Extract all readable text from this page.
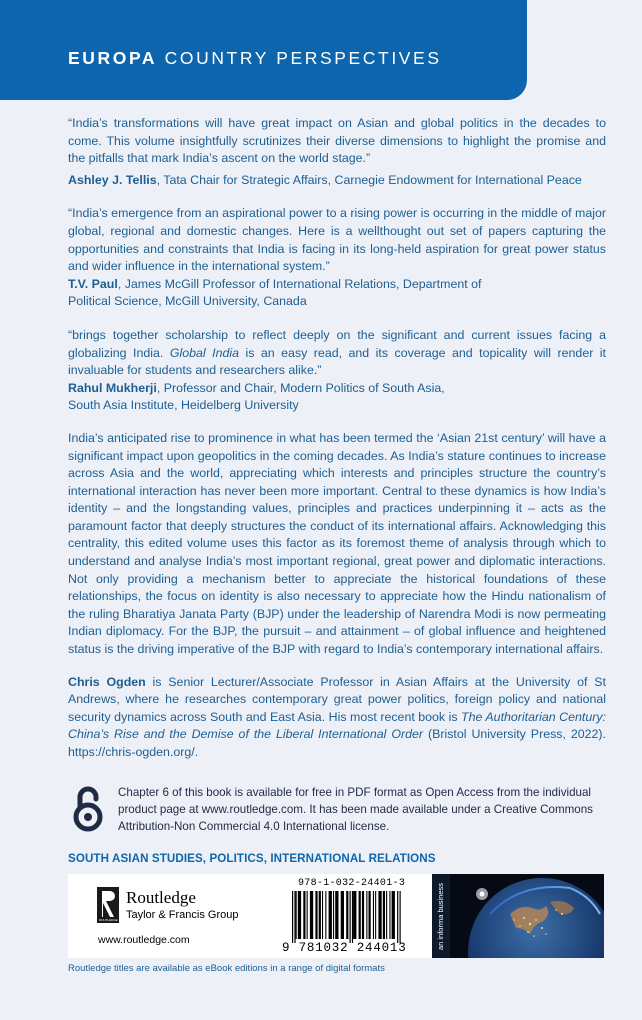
EUROPA COUNTRY PERSPECTIVES

“India’s transformations will have great impact on Asian and global politics in the decades to come. This volume insightfully scrutinizes their diverse dimensions to highlight the promise and the pitfalls that mark India’s ascent on the world stage.”

Ashley J. Tellis, Tata Chair for Strategic Affairs, Carnegie Endowment for International Peace

“India’s emergence from an aspirational power to a rising power is occurring in the middle of major global, regional and domestic changes. Here is a wellthought out set of papers capturing the opportunities and constraints that India is facing in its long-held aspiration for great power status and wider influence in the international system.”

T.V. Paul, James McGill Professor of International Relations, Department of
Political Science, McGill University, Canada

“brings together scholarship to reflect deeply on the significant and current issues facing a globalizing India. Global India is an easy read, and its coverage and topicality will render it invaluable for students and researchers alike.”

Rahul Mukherji, Professor and Chair, Modern Politics of South Asia,
South Asia Institute, Heidelberg University

India’s anticipated rise to prominence in what has been termed the ‘Asian 21st century’ will have a significant impact upon geopolitics in the coming decades. As India’s stature continues to increase across Asia and the world, appreciating which interests and principles structure the country’s international interaction has never been more important. Central to these dynamics is how India’s identity – and the longstanding values, principles and practices underpinning it – acts as the paramount factor that deeply structures the conduct of its international affairs. Acknowledging this centrality, this edited volume uses this factor as its foremost theme of analysis through which to understand and analyse India’s most important regional, great power and diplomatic interactions. Not only providing a mechanism better to appreciate the historical foundations of these relationships, the focus on identity is also necessary to appreciate how the Hindu nationalism of the ruling Bharatiya Janata Party (BJP) under the leadership of Narendra Modi is now permeating Indian diplomacy. For the BJP, the pursuit – and attainment – of global influence and heightened status is the driving imperative of the BJP with regard to India’s contemporary international affairs.

Chris Ogden is Senior Lecturer/Associate Professor in Asian Affairs at the University of St Andrews, where he researches contemporary great power politics, foreign policy and national security dynamics across South and East Asia. His most recent book is The Authoritarian Century: China’s Rise and the Demise of the Liberal International Order (Bristol University Press, 2022). https://chris-ogden.org/.

Chapter 6 of this book is available for free in PDF format as Open Access from the individual product page at www.routledge.com. It has been made available under a Creative Commons Attribution-Non Commercial 4.0 International license.

SOUTH ASIAN STUDIES, POLITICS, INTERNATIONAL RELATIONS
ROUTLEDGE
Routledge
Taylor & Francis Group
www.routledge.com
978-1-032-24401-3
9 781032 244013	an informa business
Routledge titles are available as eBook editions in a range of digital formats
